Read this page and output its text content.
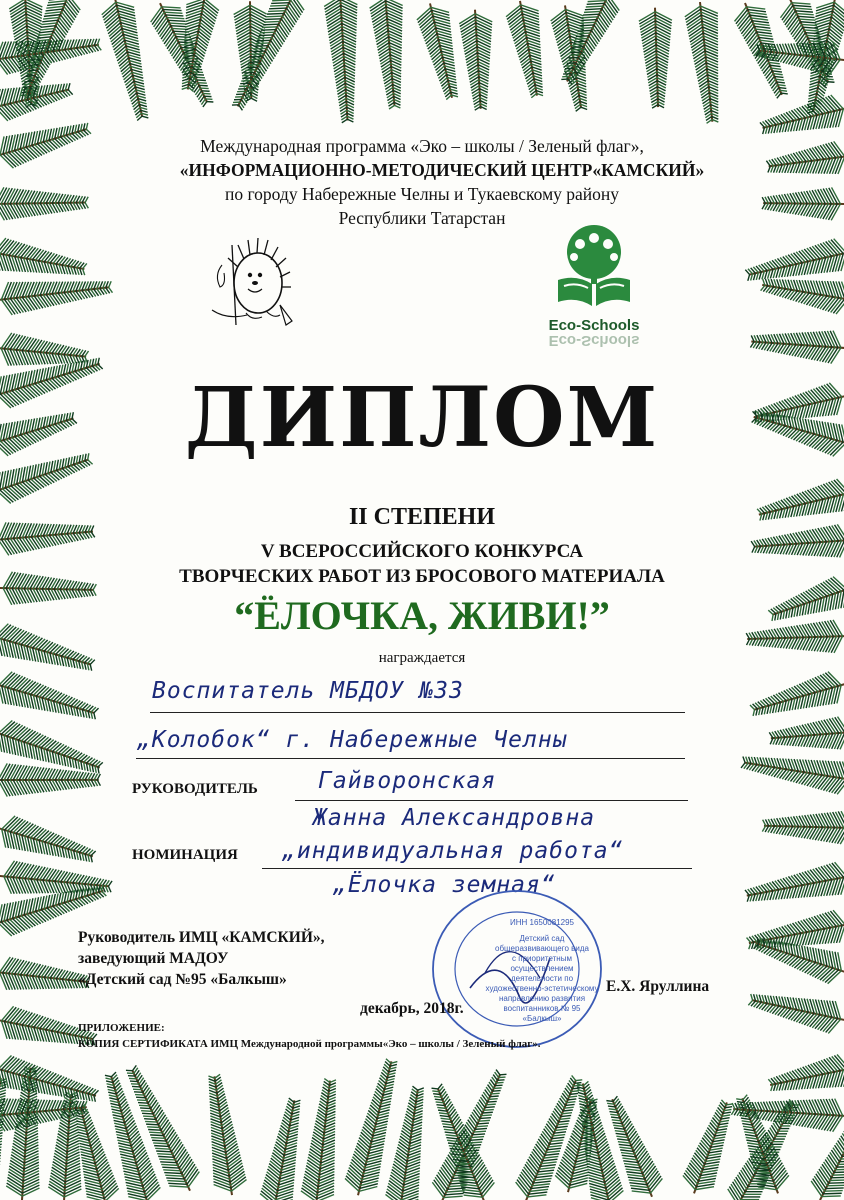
Международная программа «Эко – школы / Зеленый флаг»,
«ИНФОРМАЦИОННО-МЕТОДИЧЕСКИЙ ЦЕНТР«КАМСКИЙ»
по городу Набережные Челны и Тукаевскому району
Республики Татарстан
Eco-Schools
Eco-Schools
ДИПЛОМ
II СТЕПЕНИ
V ВСЕРОССИЙСКОГО КОНКУРСА
ТВОРЧЕСКИХ РАБОТ ИЗ БРОСОВОГО МАТЕРИАЛА
“ЁЛОЧКА, ЖИВИ!”
награждается
Воспитатель МБДОУ №33
„Колобок“ г. Набережные Челны
РУКОВОДИТЕЛЬ	Гайворонская
Жанна Александровна
НОМИНАЦИЯ „индивидуальная работа“
„Ёлочка земная“
ИНН 1650081295
Детский сад
общеразвивающего вида
с приоритетным
осуществлением
деятельности по
художественно-эстетическому
направлению развития
воспитанников № 95
«Балкыш»
Руководитель ИМЦ «КАМСКИЙ»,
заведующий МАДОУ
«Детский сад №95 «Балкыш»	Е.Х. Яруллина
декабрь, 2018г.
ПРИЛОЖЕНИЕ:
КОПИЯ СЕРТИФИКАТА ИМЦ Международной программы«Эко – школы / Зеленый флаг».
